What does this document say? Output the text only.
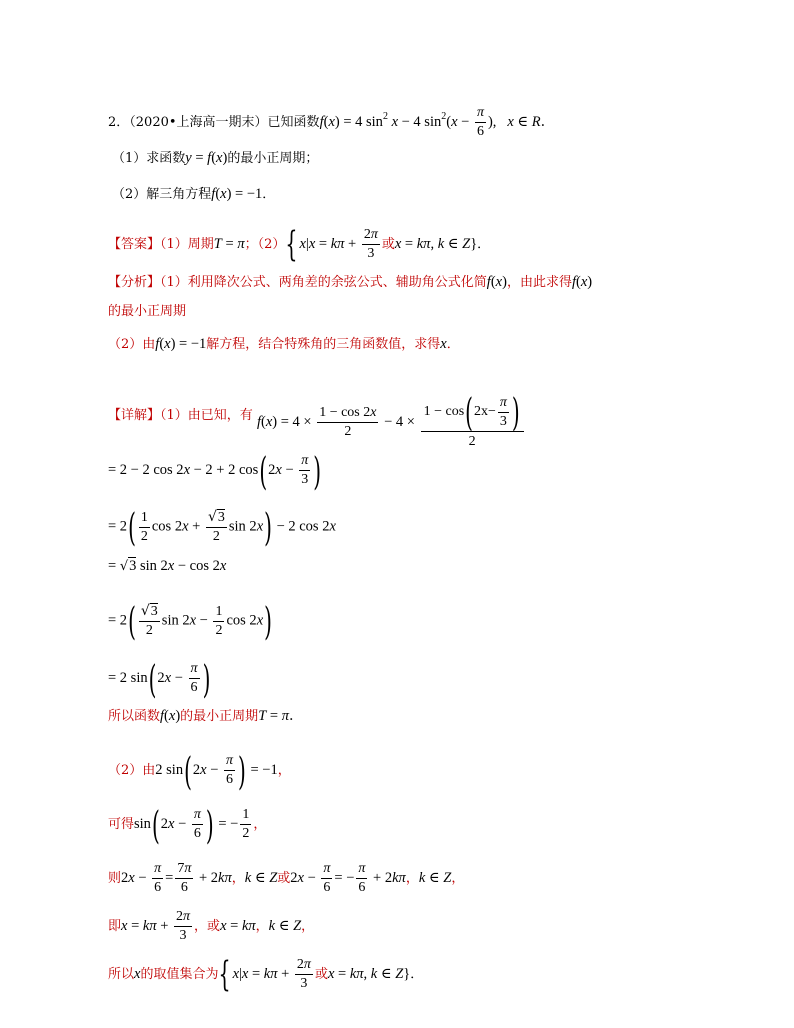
2．（2020•上海高一期末）已知函数f(x) = 4 $\sin^2 x - 4$ $\sin^2(x - \frac{\pi}{6}$ ),   x ∈ R．
（1）求函数y = f(x)的最小正周期；
（2）解三角方程f(x) = −1．
【答案】（1）周期T = π；（2）{ $x|x = k\pi + \frac{2\pi}{3}$ 或x = kπ, k ∈ Z}．
【分析】（1）利用降次公式、两角差的余弦公式、辅助角公式化简f(x)，由此求得f(x)
的最小正周期
（2）由f(x) = −1解方程，结合特殊角的三角函数值，求得x．
【详解】（1）由已知，有 $f(x) = 4 \times \frac{1 - \cos 2x}{2} - 4 \times \frac{1 - \cos ( 2 x - \frac{\pi}{3} )}{2}$
= 2 − 2 cos 2x − 2 + 2 $\cos(2x - \frac{\pi}{3}$ )
= $2( \frac{1}{2}$ $\cos 2x + \frac{√3}{2}$ sin 2x) − 2 cos 2x
= √3 sin 2x − cos 2x
= $2( \frac{√3}{2}$ $\sin 2x - \frac{1}{2}$ cos 2x)
= 2 $\sin(2x - \frac{\pi}{6}$ )
所以函数f(x)的最小正周期T = π．
（2）由2 $\sin(2x - \frac{\pi}{6}$ ) = −1，
可得$\sin(2x - \frac{\pi}{6}$ ) = − $\frac{1}{2}$ ，
则$2x - \frac{\pi}{6} = \frac{7\pi}{6} + 2k\pi$，k ∈ Z或$2x - \frac{\pi}{6}$ = − $\frac{\pi}{6} + 2k\pi$，k ∈ Z，
即$x = k\pi + \frac{2\pi}{3}$ ，或x = kπ，k ∈ Z，
所以x的取值集合为{ $x|x = k\pi + \frac{2\pi}{3}$ 或x = kπ, k ∈ Z}．
